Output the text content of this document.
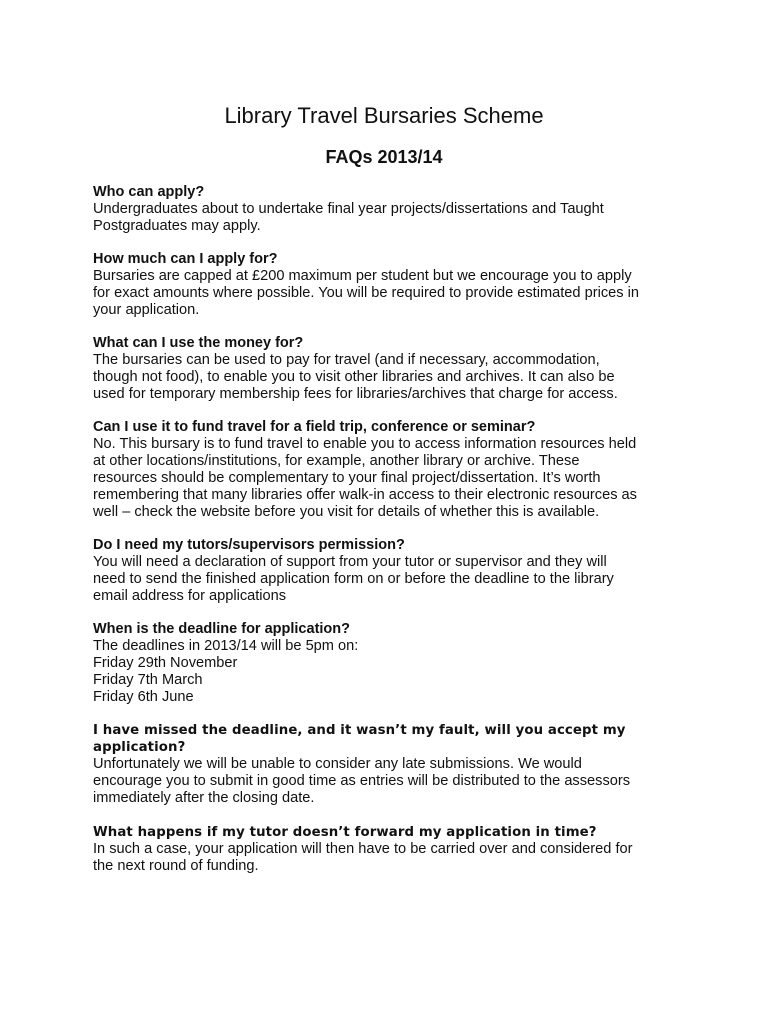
Library Travel Bursaries Scheme
FAQs 2013/14

Who can apply?

Undergraduates about to undertake final year projects/dissertations and Taught
Postgraduates may apply.

How much can I apply for?

Bursaries are capped at £200 maximum per student but we encourage you to apply
for exact amounts where possible. You will be required to provide estimated prices in
your application.

What can I use the money for?

The bursaries can be used to pay for travel (and if necessary, accommodation,
though not food), to enable you to visit other libraries and archives. It can also be
used for temporary membership fees for libraries/archives that charge for access.

Can I use it to fund travel for a field trip, conference or seminar?

No. This bursary is to fund travel to enable you to access information resources held
at other locations/institutions, for example, another library or archive. These
resources should be complementary to your final project/dissertation. It’s worth
remembering that many libraries offer walk-in access to their electronic resources as
well – check the website before you visit for details of whether this is available.

Do I need my tutors/supervisors permission?

You will need a declaration of support from your tutor or supervisor and they will
need to send the finished application form on or before the deadline to the library
email address for applications

When is the deadline for application?

The deadlines in 2013/14 will be 5pm on:
Friday 29th November
Friday 7th March
Friday 6th June

I have missed the deadline, and it wasn’t my fault, will you accept my
application?

Unfortunately we will be unable to consider any late submissions. We would
encourage you to submit in good time as entries will be distributed to the assessors
immediately after the closing date.

What happens if my tutor doesn’t forward my application in time?

In such a case, your application will then have to be carried over and considered for
the next round of funding.
